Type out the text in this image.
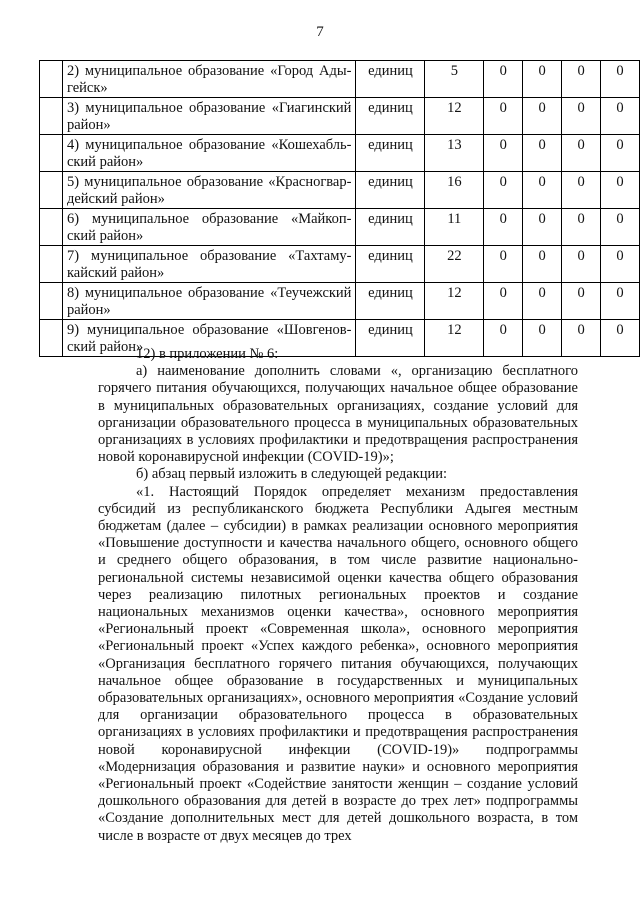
7

	2) муниципальное образование «Город Ады-гейск»	единиц	5	0	0	0	0

	3) муниципальное образование «Гиагинский район»	единиц	12	0	0	0	0

	4) муниципальное образование «Кошехабль-ский район»	единиц	13	0	0	0	0

	5) муниципальное образование «Красногвар-дейский район»	единиц	16	0	0	0	0

	6) муниципальное образование «Майкоп-ский район»	единиц	11	0	0	0	0

	7) муниципальное образование «Тахтаму-кайский район»	единиц	22	0	0	0	0

	8) муниципальное образование «Теучежский район»	единиц	12	0	0	0	0

	9) муниципальное образование «Шовгенов-ский район»	единиц	12	0	0	0	0

12) в приложении № 6:

а) наименование дополнить словами «, организацию бесплатного горячего питания обучающихся, получающих начальное общее образование в муниципальных образовательных организациях, создание условий для организации образовательного процесса в муниципальных образовательных организациях в условиях профилактики и предотвращения распространения новой коронавирусной инфекции (COVID-19)»;

б) абзац первый изложить в следующей редакции:

«1. Настоящий Порядок определяет механизм предоставления субсидий из республиканского бюджета Республики Адыгея местным бюджетам (далее – субсидии) в рамках реализации основного мероприятия «Повышение доступности и качества начального общего, основного общего и среднего общего образования, в том числе развитие национально-региональной системы независимой оценки качества общего образования через реализацию пилотных региональных проектов и создание национальных механизмов оценки качества», основного мероприятия «Региональный проект «Современная школа», основного мероприятия «Региональный проект «Успех каждого ребенка», основного мероприятия «Организация бесплатного горячего питания обучающихся, получающих начальное общее образование в государственных и муниципальных образовательных организациях», основного мероприятия «Создание условий для организации образовательного процесса в образовательных организациях в условиях профилактики и предотвращения распространения новой коронавирусной инфекции (COVID-19)» подпрограммы «Модернизация образования и развитие науки» и основного мероприятия «Региональный проект «Содействие занятости женщин – создание условий дошкольного образования для детей в возрасте до трех лет» подпрограммы «Создание дополнительных мест для детей дошкольного возраста, в том числе в возрасте от двух месяцев до трех
